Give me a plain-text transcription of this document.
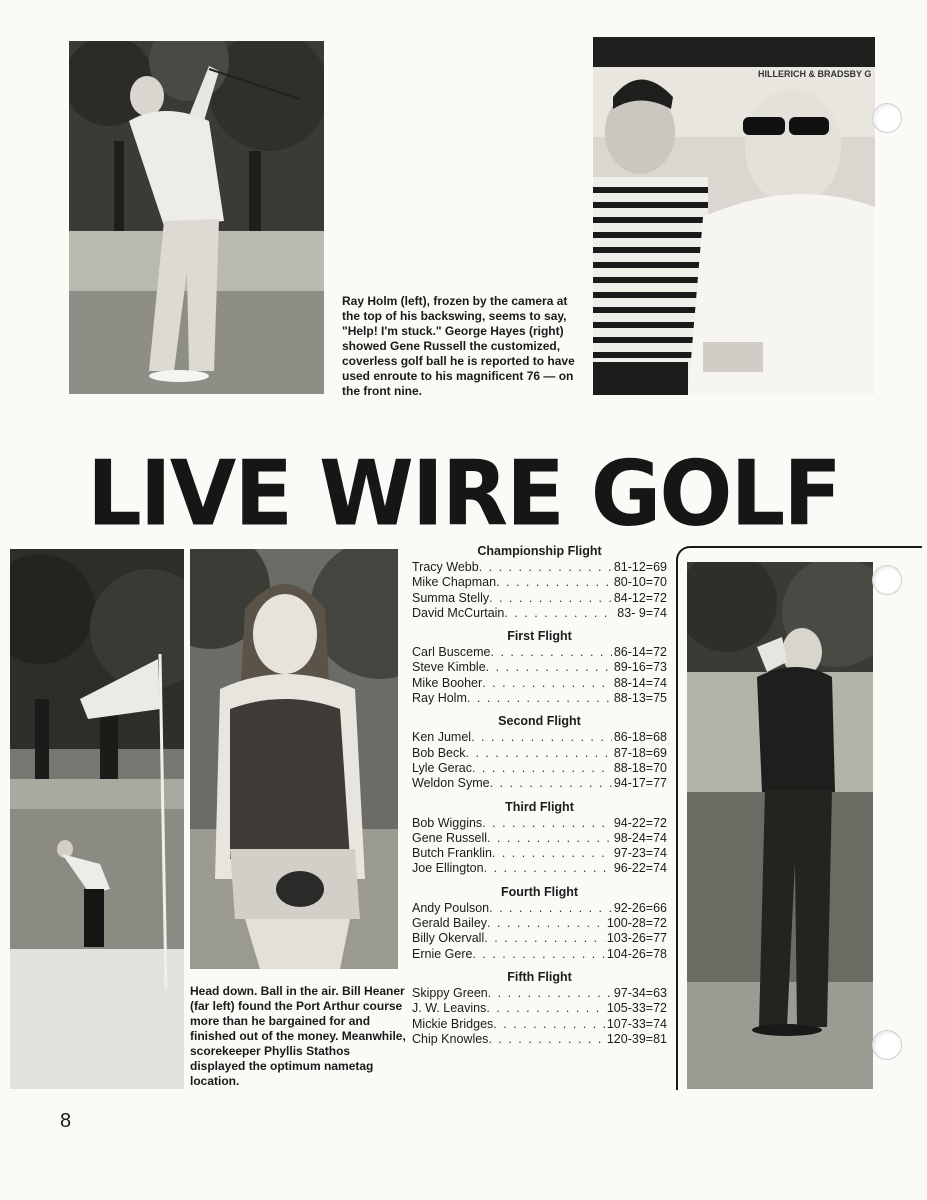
Ray Holm (left), frozen by the camera at the top of his backswing, seems to say, "Help! I'm stuck." George Hayes (right) showed Gene Russell the customized, coverless golf ball he is reported to have used enroute to his magnificent 76 — on the front nine.
HILLERICH & BRADSBY G
LIVE WIRE GOLF
Head down. Ball in the air. Bill Heaner (far left) found the Port Arthur course more than he bargained for and finished out of the money. Meanwhile, scorekeeper Phyllis Stathos displayed the optimum nametag location.
Championship Flight
Tracy Webb . . .	81-12=69
Mike Chapman . . .	80-10=70
Summa Stelly . . .	84-12=72
David McCurtain . . .	83- 9=74
First Flight
Carl Busceme . . .	86-14=72
Steve Kimble . . .	89-16=73
Mike Booher . . .	88-14=74
Ray Holm . . .	88-13=75
Second Flight
Ken Jumel . . .	86-18=68
Bob Beck . . .	87-18=69
Lyle Gerac . . .	88-18=70
Weldon Syme . . .	94-17=77
Third Flight
Bob Wiggins . . .	94-22=72
Gene Russell . . .	98-24=74
Butch Franklin . . .	97-23=74
Joe Ellington . . .	96-22=74
Fourth Flight
Andy Poulson . . .	92-26=66
Gerald Bailey . . .	100-28=72
Billy Okervall . . .	103-26=77
Ernie Gere . . .	104-26=78
Fifth Flight
Skippy Green . . .	97-34=63
J. W. Leavins . . .	105-33=72
Mickie Bridges . . .	107-33=74
Chip Knowles . . .	120-39=81
8
